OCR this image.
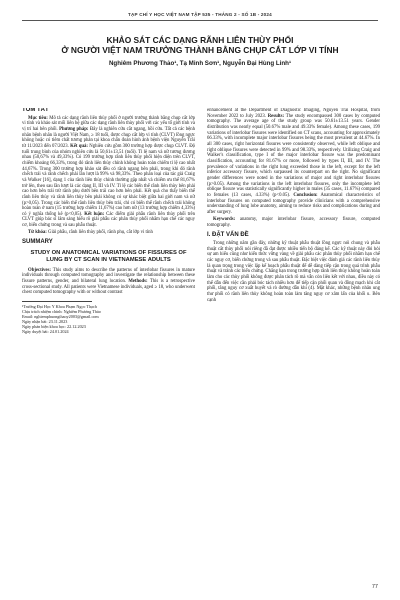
TẠP CHÍ Y HỌC VIỆT NAM TẬP 535 - THÁNG 2 - SỐ 1B - 2024
KHẢO SÁT CÁC DẠNG RÃNH LIÊN THÙY PHỔI
Ở NGƯỜI VIỆT NAM TRƯỞNG THÀNH BẰNG CHỤP CẮT LỚP VI TÍNH
Nghiêm Phương Thảo¹, Tạ Minh Sơn¹, Nguyễn Đại Hùng Linh¹
TÓM TẮT

Mục tiêu: Mô tả các dạng rãnh liên thùy phổi ở người trưởng thành bằng chụp cắt lớp vi tính và khảo sát mối liên hệ giữa các dạng rãnh liên thùy phổi với các yếu tố giới tính và vị trí hai bên phổi. Phương pháp: Đây là nghiên cứu cắt ngang, hồi cứu. Tất cả các bệnh nhân bệnh nhân là người Việt Nam, ≥ 18 tuổi, được chụp cắt lớp vi tính (CLVT) lồng ngực không hoặc có tiêm chất tương phản tại khoa chẩn đoán hình ảnh bệnh viện Nguyễn Trãi từ 11/2023 đến 07/2023. Kết quả: Nghiên cứu gồm 300 trường hợp được chụp CLVT. Độ tuổi trung bình của nhóm nghiên cứu là 50,61±13,51 (tuổi). Tỉ lệ nam và nữ tương đương nhau (50,67% và 49,33%). Có 199 trường hợp rãnh liên thùy phổi hiện diện trên CLVT, chiếm khoảng 66,33%, trong đó rãnh liên thùy chính không hoàn toàn chiếm tỉ lệ cao nhất 44,67%. Trong 300 trường hợp khảo sát đều có rãnh ngang bên phải, trong khi đó rãnh chếch trái và rãnh chếch phải lần lượt là 99% và 98,33%. Theo phân loại của tác giả Craig và Walker [16], dạng 1 của rãnh liên thùy chính thường gặp nhất và chiếm ưu thế 81,67% trở lên, theo sau lần lượt là các dạng II, III và IV. Tỉ lệ các biến thể rãnh liên thùy bên phải cao hơn bên trái trừ rãnh phụ dưới bên trái cao hơn bên phải. Kết quả cho thấy biến thể rãnh liên thùy và rãnh liên thùy bên phải không có sự khác biệt giữa hai giới nam và nữ (p>0,05). Trong các biến thể rãnh liên thùy bên trái, chỉ có biến thể rãnh chếch trái không hoàn toàn ở nam (15 trường hợp chiếm 11,67%) cao hơn nữ (13 trường hợp chiếm 4,33%) có ý nghĩa thống kê (p<0,05). Kết luận: Các điểm giải phẫu rãnh liên thùy phổi trên CLVT giúp bác sĩ lâm sàng hiểu rõ giải phẫu các phân thùy phổi nhằm hạn chế các nguy cơ, biến chứng trong và sau phẫu thuật.

Từ khóa: Giải phẫu, rãnh liên thùy phổi, rãnh phụ, cắt lớp vi tính

SUMMARY
STUDY ON ANATOMICAL VARIATIONS OF FISSURES OF LUNG BY CT SCAN IN VIETNAMESE ADULTS

Objectives: This study aims to describe the patterns of interlobar fissures in mature individuals through computed tomography and investigate the relationship between these fissure patterns, gender, and bilateral lung location. Methods: This is a retrospective cross-sectional study. All patients were Vietnamese individuals, aged ≥ 18, who underwent chest computed tomography with or without contrast

¹Trường Đại Học Y Khoa Phạm Ngọc Thạch
Chịu trách nhiệm chính: Nghiêm Phương Thảo
Email: nghiemphuongthaoy2003@gmail.com
Ngày nhận bài: 23.11.2023
Ngày phản biện khoa học: 22.12.2023
Ngày duyệt bài: 24.01.2024

enhancement at the Department of Diagnostic Imaging, Nguyen Trai Hospital, from November 2022 to July 2023. Results: The study encompassed 300 cases by computed tomography. The average age of the study group was 50.61±13.51 years. Gender distribution was nearly equal (50.67% male and 49.33% female). Among these cases, 199 variations of interlobar fissures were identified on CT scans, accounting for approximately 66.33%, with incomplete major interlobar fissures being the most prevalent at 44.67%. In all 300 cases, right horizontal fissures were consistently observed, while left oblique and right oblique fissures were detected in 99% and 98.33%, respectively. Utilizing Craig and Walker's classification, type I of the major interlobar fissure was the predominant classification, accounting for 81.67% or more, followed by types II, III, and IV. The prevalence of variations in the right lung exceeded those in the left, except for the left inferior accessory fissure, which surpassed its counterpart on the right. No significant gender differences were noted in the variations of major and right interlobar fissures (p>0.05). Among the variations in the left interlobar fissures, only the incomplete left oblique fissure was statistically significantly higher in males (35 cases, 11.67%) compared to females (13 cases, 4.33%) (p<0.05). Conclusion: Anatomical characteristics of interlobar fissures on computed tomography provide clinicians with a comprehensive understanding of lung lobe anatomy, aiming to reduce risks and complications during and after surgery.

Keywords: anatomy, major interlobar fissure, accessory fissure, computed tomography.

I. ĐẶT VẤN ĐỀ

Trong những năm gần đây, những kỹ thuật phẫu thuật lồng ngực nói chung và phẫu thuật cắt thùy phổi nói riêng đã đạt được nhiều tiến bộ đáng kể. Các kỹ thuật này đòi hỏi sự am hiểu cũng như kiến thức vững vàng về giải phẫu các phân thùy phổi nhằm hạn chế các nguy cơ, biến chứng trong và sau phẫu thuật. Đặc biệt việc đánh giá các rãnh liên thùy là quan trọng trong việc lập kế hoạch phẫu thuật để dễ dàng tiếp cận trong quá trình phẫu thuật và tránh các biến chứng. Chẳng hạn trong trường hợp rãnh liên thùy không hoàn toàn làm cho các thùy phổi không được phân tách rõ mà vẫn còn liên kết với nhau, điều này có thể dẫn đến việc cần phải bóc tách nhiều hơn để tiếp cận phổi quan và đồng mạch khi cắt phổi, tăng nguy cơ xuất huyết và rò đường dẫn khí (4). Mặt khác, những bệnh nhân ung thư phổi có rãnh liên thùy không hoàn toàn làm tăng nguy cơ xâm lấn của khối u. Bên cạnh

77
